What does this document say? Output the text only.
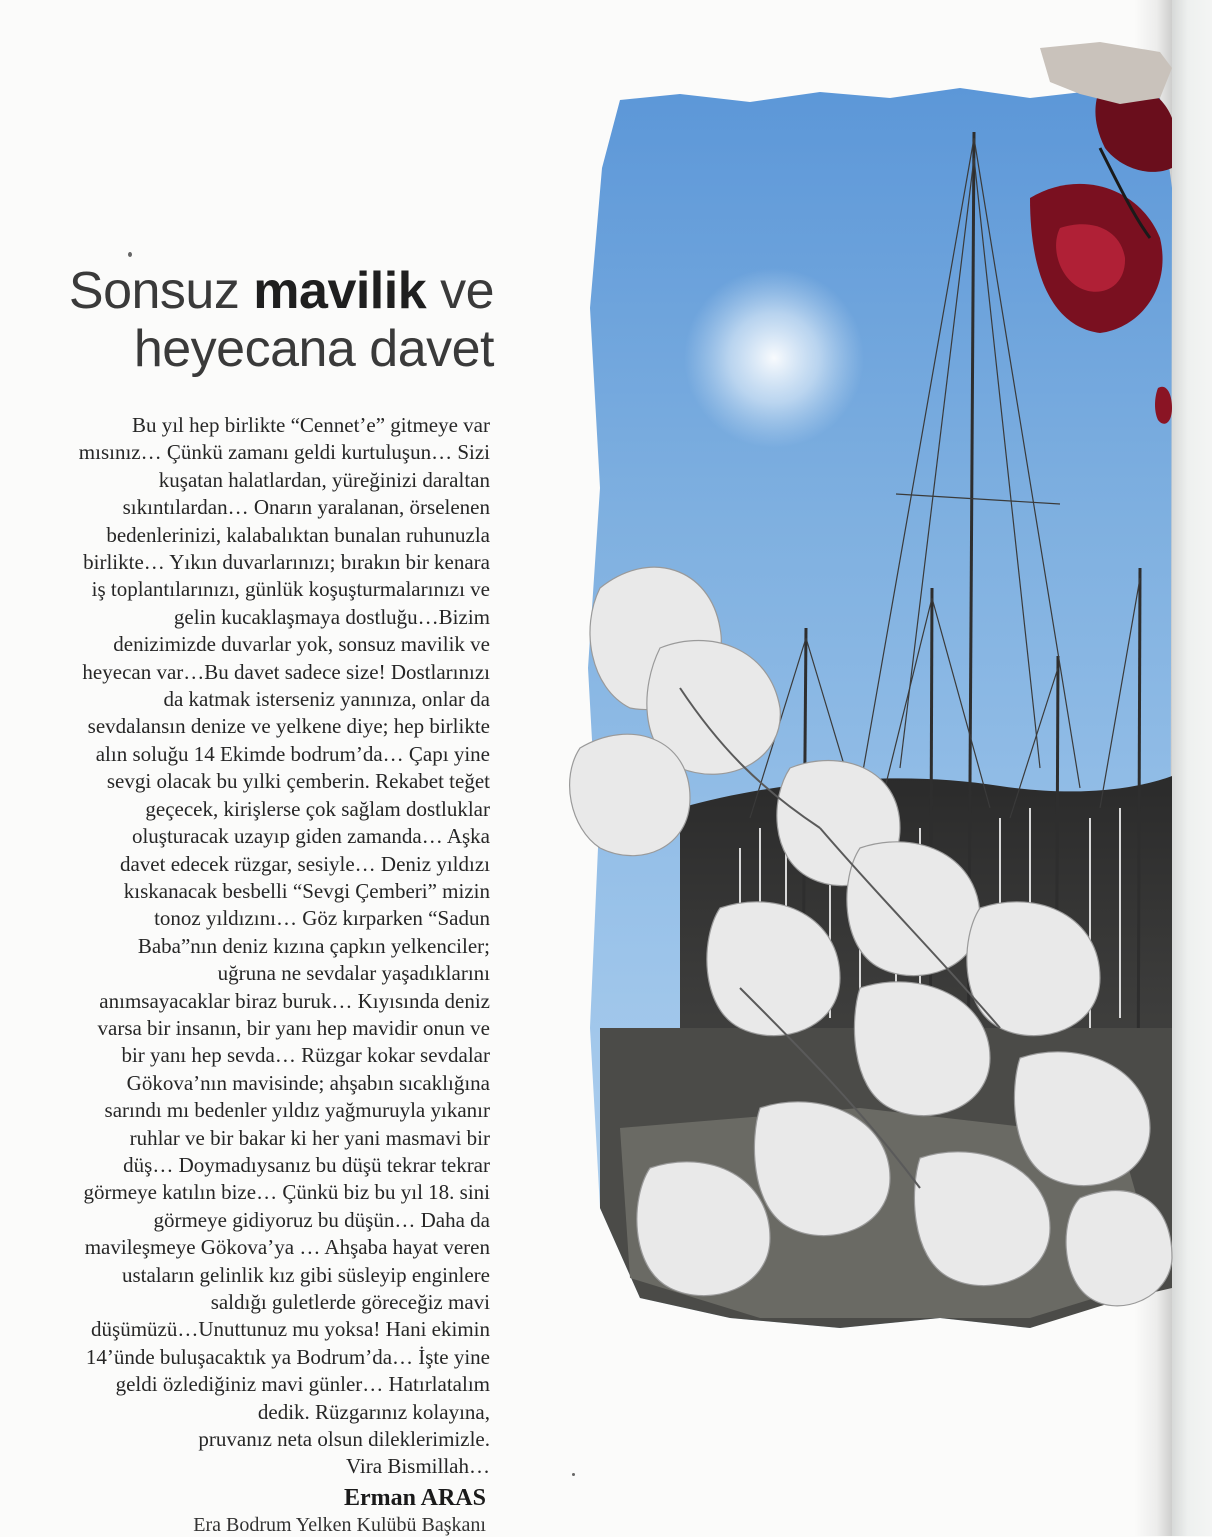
Sonsuz mavilik ve
heyecana davet
Bu yıl hep birlikte “Cennet’e” gitmeye var
mısınız… Çünkü zamanı geldi kurtuluşun… Sizi
kuşatan halatlardan, yüreğinizi daraltan
sıkıntılardan… Onarın yaralanan, örselenen
bedenlerinizi, kalabalıktan bunalan ruhunuzla
birlikte… Yıkın duvarlarınızı; bırakın bir kenara
iş toplantılarınızı, günlük koşuşturmalarınızı ve
gelin kucaklaşmaya dostluğu…Bizim
denizimizde duvarlar yok, sonsuz mavilik ve
heyecan var…Bu davet sadece size! Dostlarınızı
da katmak isterseniz yanınıza, onlar da
sevdalansın denize ve yelkene diye; hep birlikte
alın soluğu 14 Ekimde bodrum’da… Çapı yine
sevgi olacak bu yılki çemberin. Rekabet teğet
geçecek, kirişlerse çok sağlam dostluklar
oluşturacak uzayıp giden zamanda… Aşka
davet edecek rüzgar, sesiyle… Deniz yıldızı
kıskanacak besbelli “Sevgi Çemberi” mizin
tonoz yıldızını… Göz kırparken “Sadun
Baba”nın deniz kızına çapkın yelkenciler;
uğruna ne sevdalar yaşadıklarını
anımsayacaklar biraz buruk… Kıyısında deniz
varsa bir insanın, bir yanı hep mavidir onun ve
bir yanı hep sevda… Rüzgar kokar sevdalar
Gökova’nın mavisinde; ahşabın sıcaklığına
sarındı mı bedenler yıldız yağmuruyla yıkanır
ruhlar ve bir bakar ki her yani masmavi bir
düş… Doymadıysanız bu düşü tekrar tekrar
görmeye katılın bize… Çünkü biz bu yıl 18. sini
görmeye gidiyoruz bu düşün… Daha da
mavileşmeye Gökova’ya … Ahşaba hayat veren
ustaların gelinlik kız gibi süsleyip enginlere
saldığı guletlerde göreceğiz mavi
düşümüzü…Unuttunuz mu yoksa! Hani ekimin
14’ünde buluşacaktık ya Bodrum’da… İşte yine
geldi özlediğiniz mavi günler… Hatırlatalım
dedik. Rüzgarınız kolayına,
pruvanız neta olsun dileklerimizle.
Vira Bismillah…
Erman ARAS
Era Bodrum Yelken Kulübü Başkanı
